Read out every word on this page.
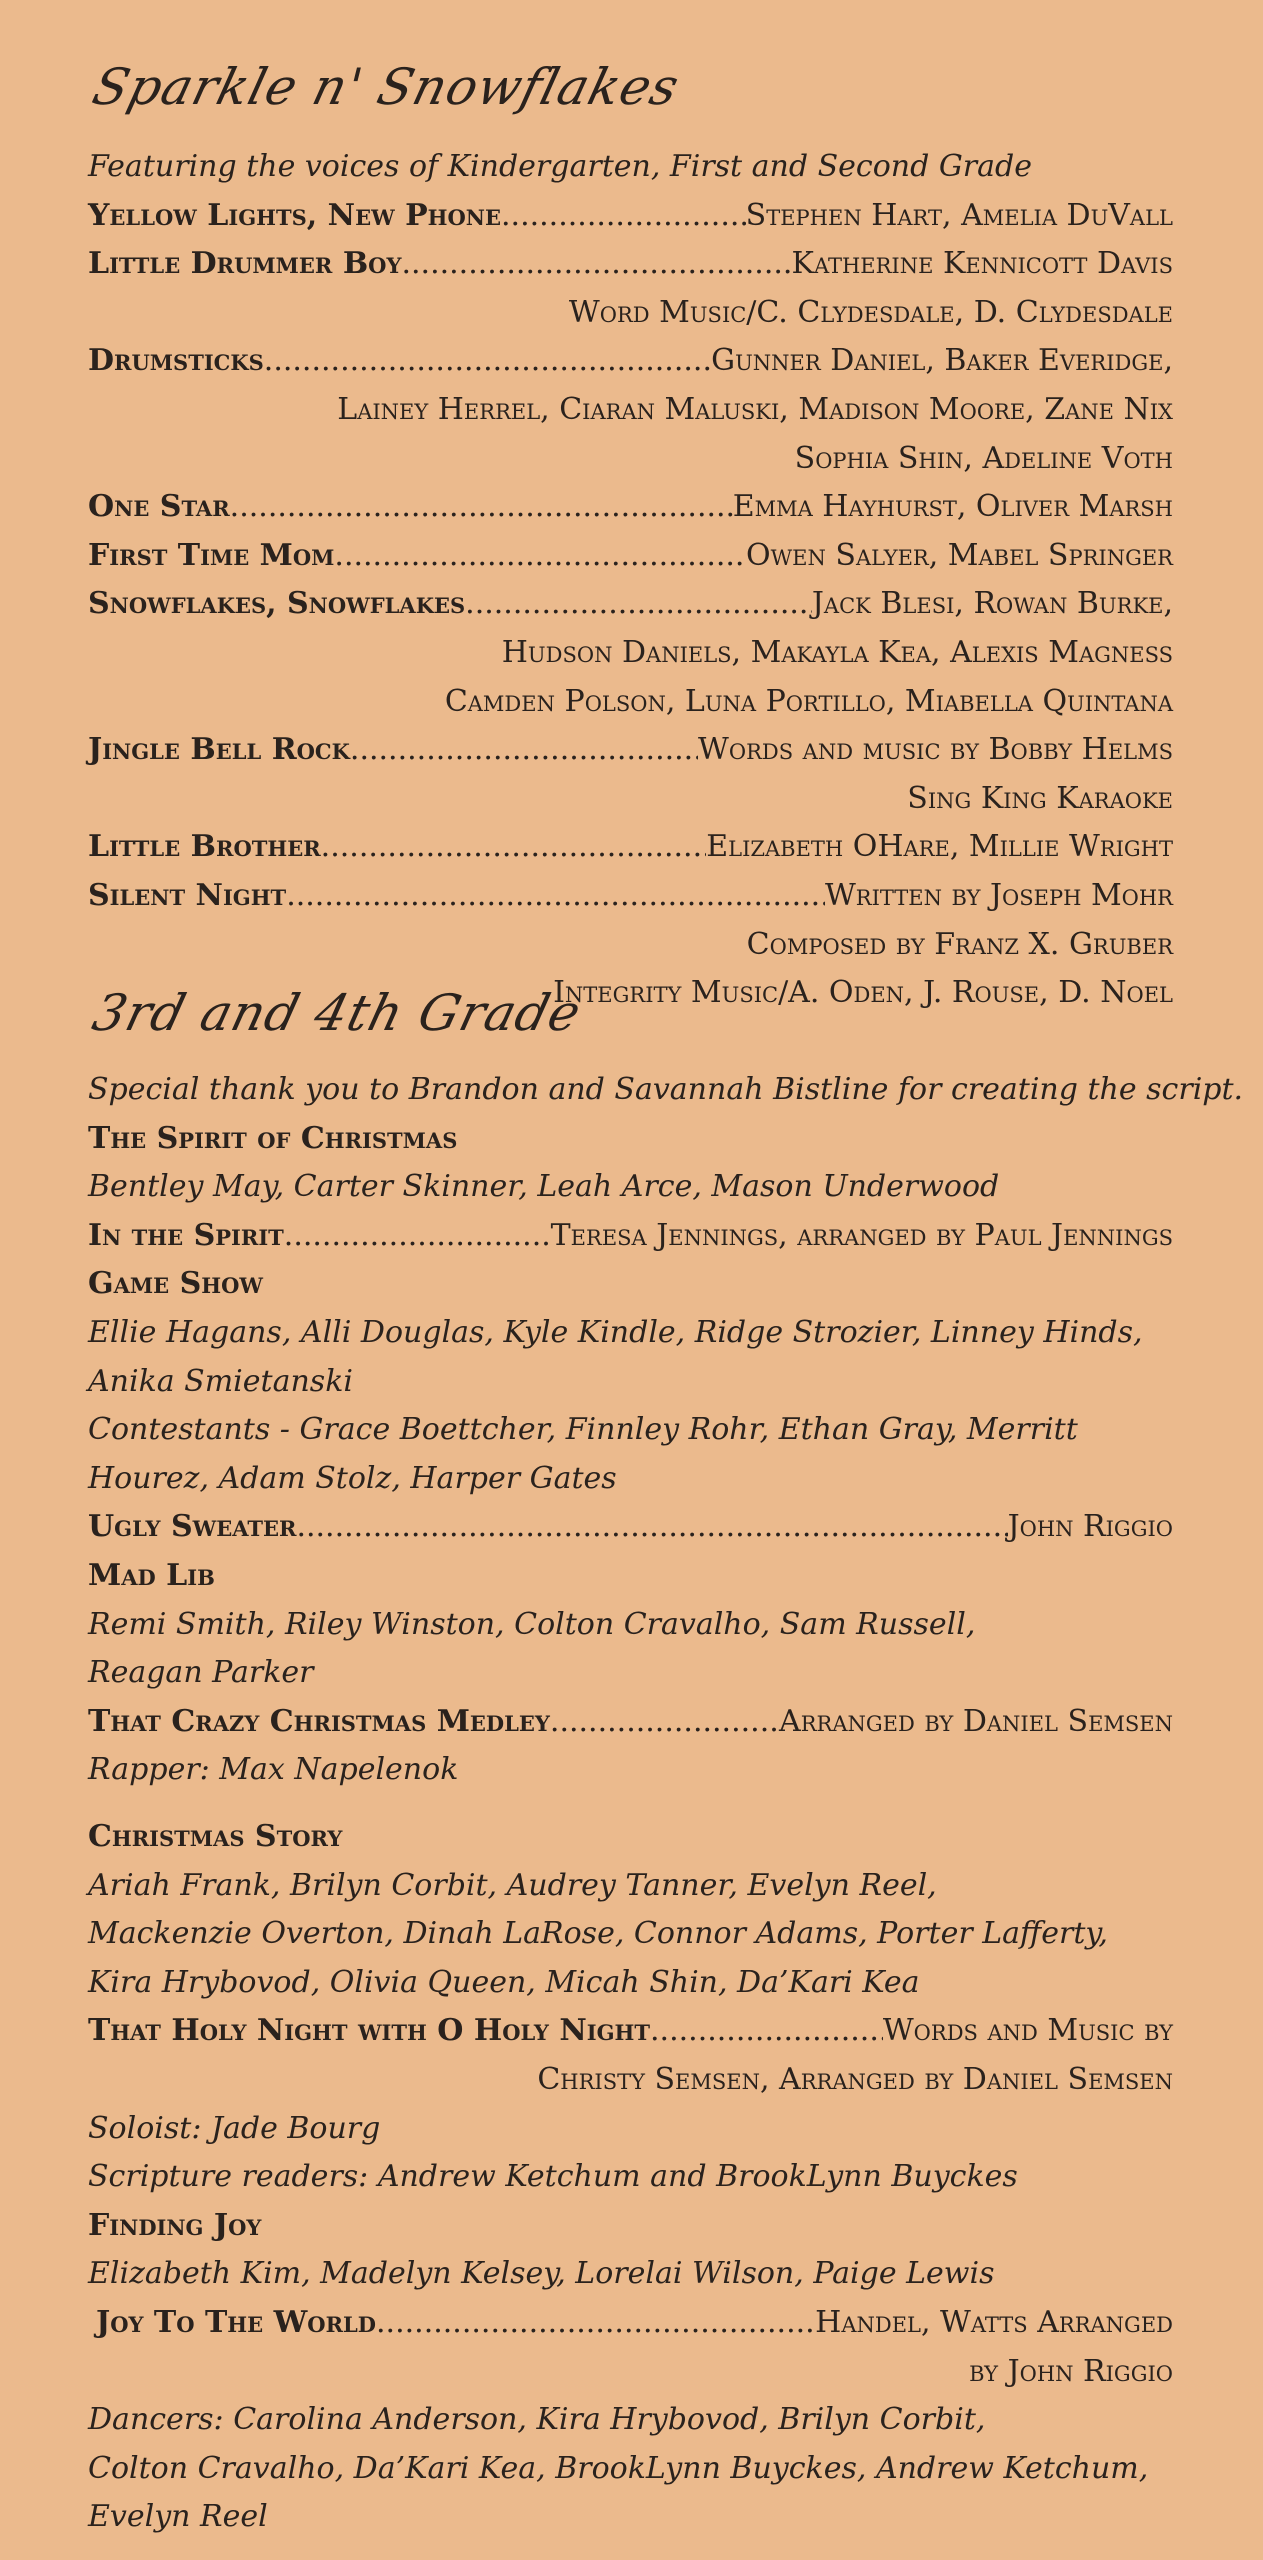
Sparkle n' Snowflakes

Featuring the voices of Kindergarten, First and Second Grade
Yellow Lights, New Phone .....	Stephen Hart, Amelia DuVall
Little Drummer Boy .....	Katherine Kennicott Davis
Word Music/C. Clydesdale, D. Clydesdale
Drumsticks .....	Gunner Daniel, Baker Everidge,
Lainey Herrel, Ciaran Maluski, Madison Moore, Zane Nix
Sophia Shin, Adeline Voth
One Star .....	Emma Hayhurst, Oliver Marsh
First Time Mom .....	Owen Salyer, Mabel Springer
Snowflakes, Snowflakes .....	Jack Blesi, Rowan Burke,
Hudson Daniels, Makayla Kea, Alexis Magness
Camden Polson, Luna Portillo, Miabella Quintana
Jingle Bell Rock .....	Words and music by Bobby Helms
Sing King Karaoke
Little Brother .....	Elizabeth OHare, Millie Wright
Silent Night .....	Written by Joseph Mohr
Composed by Franz X. Gruber
Integrity Music/A. Oden, J. Rouse, D. Noel

3rd and 4th Grade

Special thank you to Brandon and Savannah Bistline for creating the script.
The Spirit of Christmas
Bentley May, Carter Skinner, Leah Arce, Mason Underwood
In the Spirit .....	Teresa Jennings, arranged by Paul Jennings
Game Show
Ellie Hagans, Alli Douglas, Kyle Kindle, Ridge Strozier, Linney Hinds,
Anika Smietanski
Contestants - Grace Boettcher, Finnley Rohr, Ethan Gray, Merritt
Hourez, Adam Stolz, Harper Gates
Ugly Sweater .....	John Riggio
Mad Lib
Remi Smith, Riley Winston, Colton Cravalho, Sam Russell,
Reagan Parker
That Crazy Christmas Medley .....	Arranged by Daniel Semsen
Rapper: Max Napelenok
Christmas Story
Ariah Frank, Brilyn Corbit, Audrey Tanner, Evelyn Reel,
Mackenzie Overton, Dinah LaRose, Connor Adams, Porter Lafferty,
Kira Hrybovod, Olivia Queen, Micah Shin, Da’Kari Kea
That Holy Night with O Holy Night .....	Words and Music by
Christy Semsen, Arranged by Daniel Semsen
Soloist: Jade Bourg
Scripture readers: Andrew Ketchum and BrookLynn Buyckes
Finding Joy
Elizabeth Kim, Madelyn Kelsey, Lorelai Wilson, Paige Lewis
Joy To The World .....	Handel, Watts Arranged
by John Riggio
Dancers: Carolina Anderson, Kira Hrybovod, Brilyn Corbit,
Colton Cravalho, Da’Kari Kea, BrookLynn Buyckes, Andrew Ketchum,
Evelyn Reel
